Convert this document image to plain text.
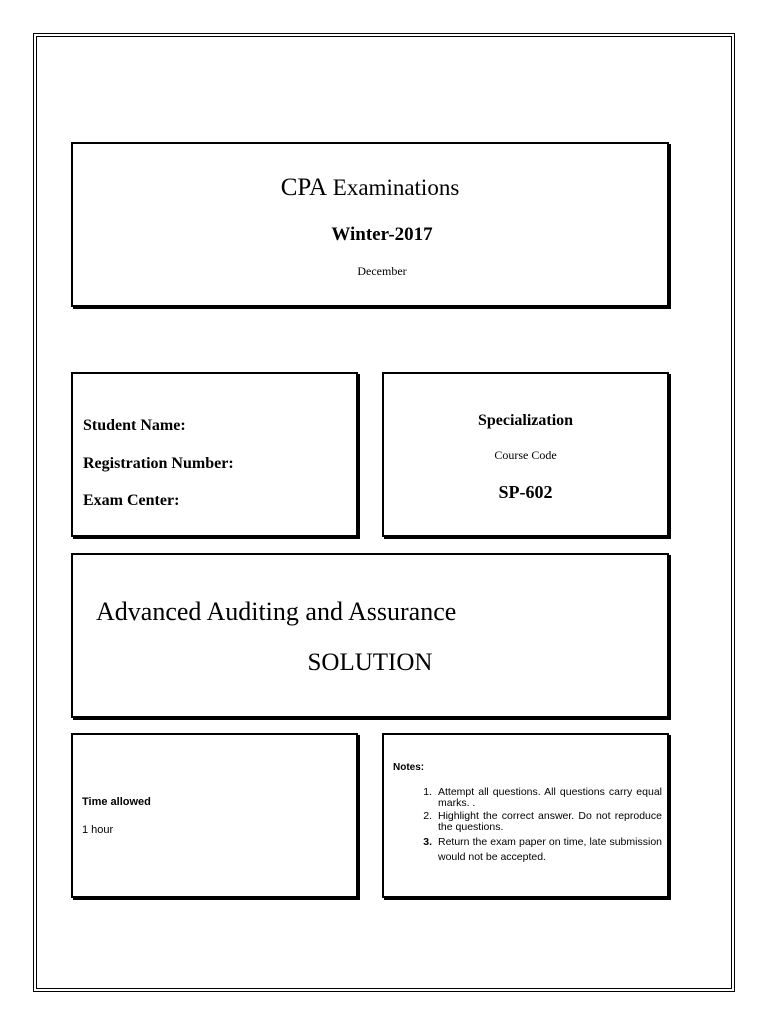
CPA Examinations
Winter-2017
December
Student Name:
Registration Number:
Exam Center:
Specialization
Course Code
SP-602
Advanced Auditing and Assurance
SOLUTION
Time allowed
1 hour
Notes:
1. Attempt all questions. All questions carry equal marks. .
2. Highlight the correct answer. Do not reproduce the questions.
3. Return the exam paper on time, late submission would not be accepted.
